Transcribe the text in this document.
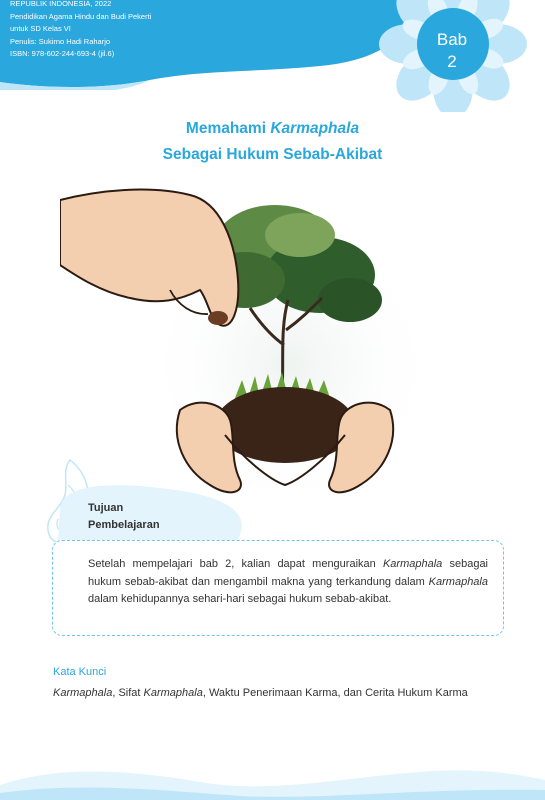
REPUBLIK INDONESIA, 2022
Pendidikan Agama Hindu dan Budi Pekerti
untuk SD Kelas VI
Penulis: Sukirno Hadi Raharjo
ISBN: 978-602-244-693-4 (jil.6)
Bab
2
Memahami Karmaphala
Sebagai Hukum Sebab-Akibat
Tujuan
Pembelajaran
Setelah mempelajari bab 2, kalian dapat menguraikan Karmaphala sebagai hukum sebab-akibat dan mengambil makna yang terkandung dalam Karmaphala dalam kehidupannya sehari-hari sebagai hukum sebab-akibat.
Kata Kunci
Karmaphala, Sifat Karmaphala, Waktu Penerimaan Karma, dan Cerita Hukum Karma
